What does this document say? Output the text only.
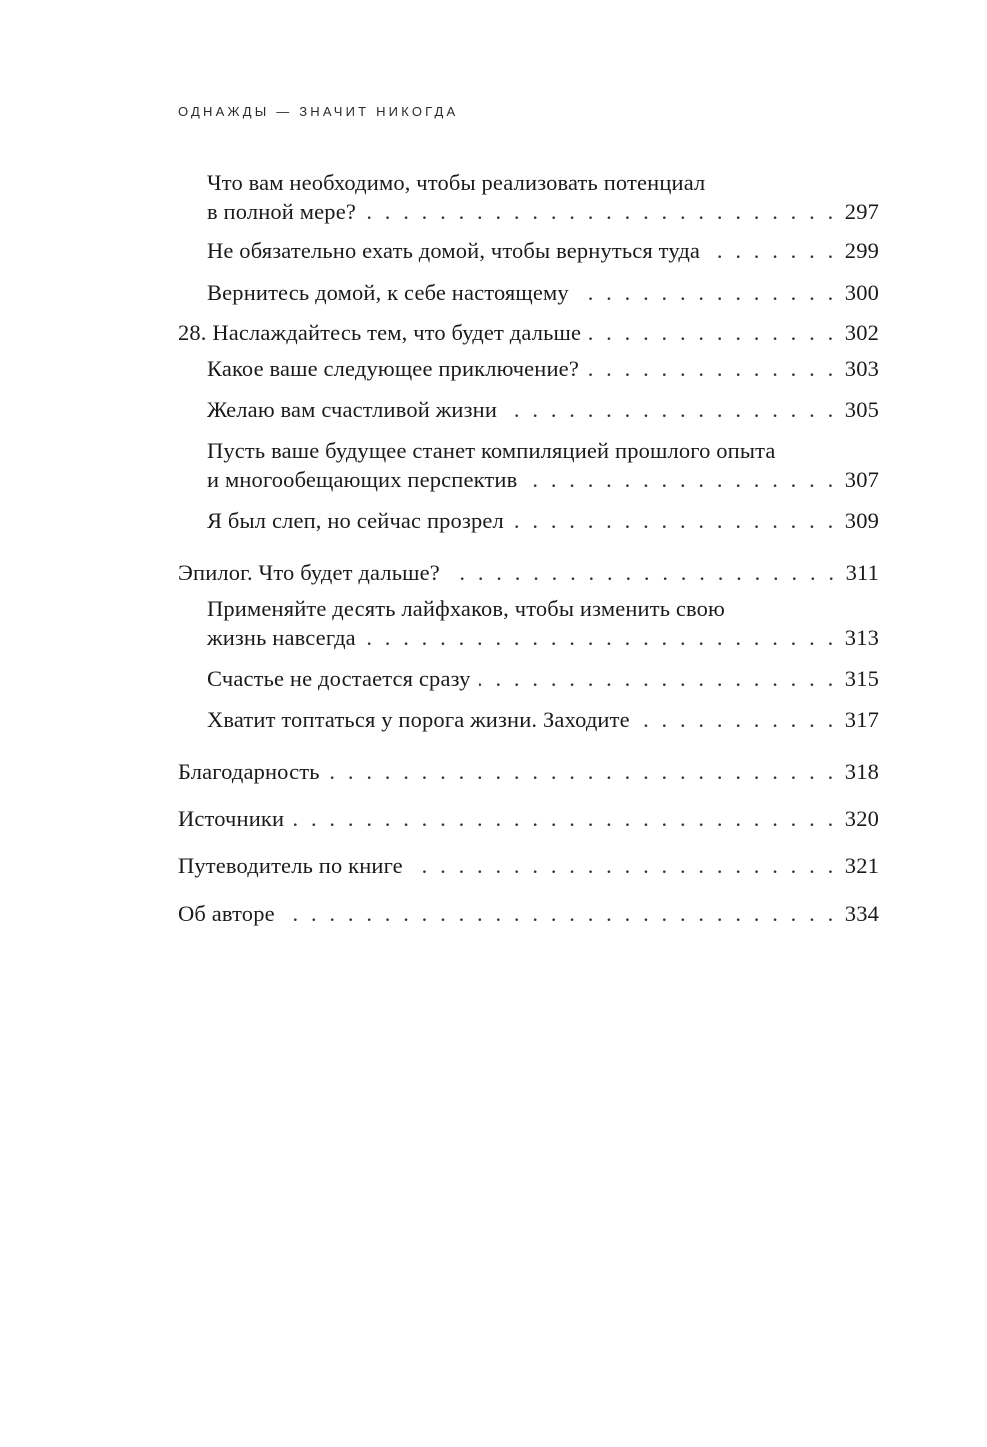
ОДНАЖДЫ — ЗНАЧИТ НИКОГДА
Что вам необходимо, чтобы реализовать потенциал
в полной мере? . . .	297
Не обязательно ехать домой, чтобы вернуться туда . . .	299
Вернитесь домой, к себе настоящему . . .	300
28. Наслаждайтесь тем, что будет дальше . . .	302
Какое ваше следующее приключение? . . .	303
Желаю вам счастливой жизни . . .	305
Пусть ваше будущее станет компиляцией прошлого опыта
и многообещающих перспектив . . .	307
Я был слеп, но сейчас прозрел . . .	309
Эпилог. Что будет дальше? . . .	311
Применяйте десять лайфхаков, чтобы изменить свою
жизнь навсегда . . .	313
Счастье не достается сразу . . .	315
Хватит топтаться у порога жизни. Заходите . . .	317
Благодарность . . .	318
Источники . . .	320
Путеводитель по книге . . .	321
Об авторе . . .	334
